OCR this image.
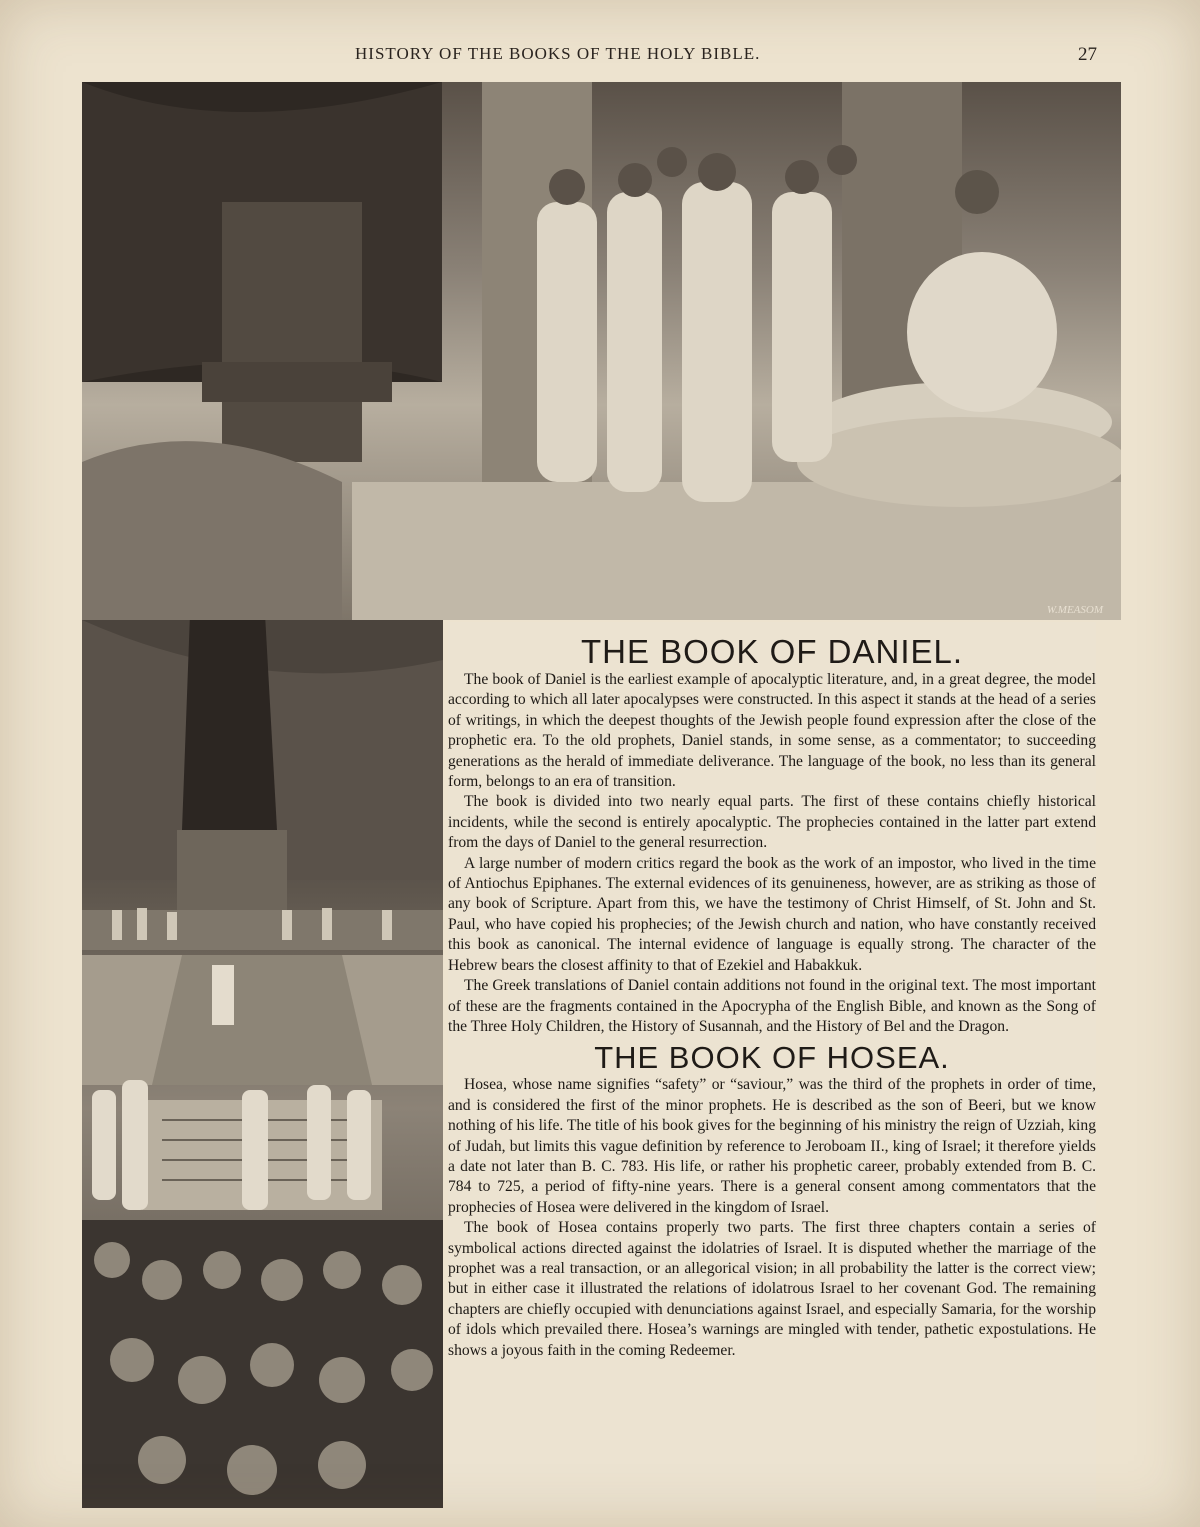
HISTORY OF THE BOOKS OF THE HOLY BIBLE.	27
W.MEASOM
THE BOOK OF DANIEL.

The book of Daniel is the earliest example of apocalyptic literature, and, in a great degree, the model according to which all later apocalypses were constructed. In this aspect it stands at the head of a series of writings, in which the deepest thoughts of the Jewish people found expression after the close of the prophetic era. To the old prophets, Daniel stands, in some sense, as a commentator; to succeeding generations as the herald of immediate deliverance. The language of the book, no less than its general form, belongs to an era of transition.

The book is divided into two nearly equal parts. The first of these contains chiefly historical incidents, while the second is entirely apocalyptic. The prophecies contained in the latter part extend from the days of Daniel to the general resurrection.

A large number of modern critics regard the book as the work of an impostor, who lived in the time of Antiochus Epiphanes. The external evidences of its genuineness, however, are as striking as those of any book of Scripture. Apart from this, we have the testimony of Christ Himself, of St. John and St. Paul, who have copied his prophecies; of the Jewish church and nation, who have constantly received this book as canonical. The internal evidence of language is equally strong. The character of the Hebrew bears the closest affinity to that of Ezekiel and Habakkuk.

The Greek translations of Daniel contain additions not found in the original text. The most important of these are the fragments contained in the Apocrypha of the English Bible, and known as the Song of the Three Holy Children, the History of Susannah, and the History of Bel and the Dragon.

THE BOOK OF HOSEA.

Hosea, whose name signifies “safety” or “saviour,” was the third of the prophets in order of time, and is considered the first of the minor prophets. He is described as the son of Beeri, but we know nothing of his life. The title of his book gives for the beginning of his ministry the reign of Uzziah, king of Judah, but limits this vague definition by reference to Jeroboam II., king of Israel; it therefore yields a date not later than B. C. 783. His life, or rather his prophetic career, probably extended from B. C. 784 to 725, a period of fifty-nine years. There is a general consent among commentators that the prophecies of Hosea were delivered in the kingdom of Israel.

The book of Hosea contains properly two parts. The first three chapters contain a series of symbolical actions directed against the idolatries of Israel. It is disputed whether the marriage of the prophet was a real transaction, or an allegorical vision; in all probability the latter is the correct view; but in either case it illustrated the relations of idolatrous Israel to her covenant God. The remaining chapters are chiefly occupied with denunciations against Israel, and especially Samaria, for the worship of idols which prevailed there. Hosea’s warnings are mingled with tender, pathetic expostulations. He shows a joyous faith in the coming Redeemer.
